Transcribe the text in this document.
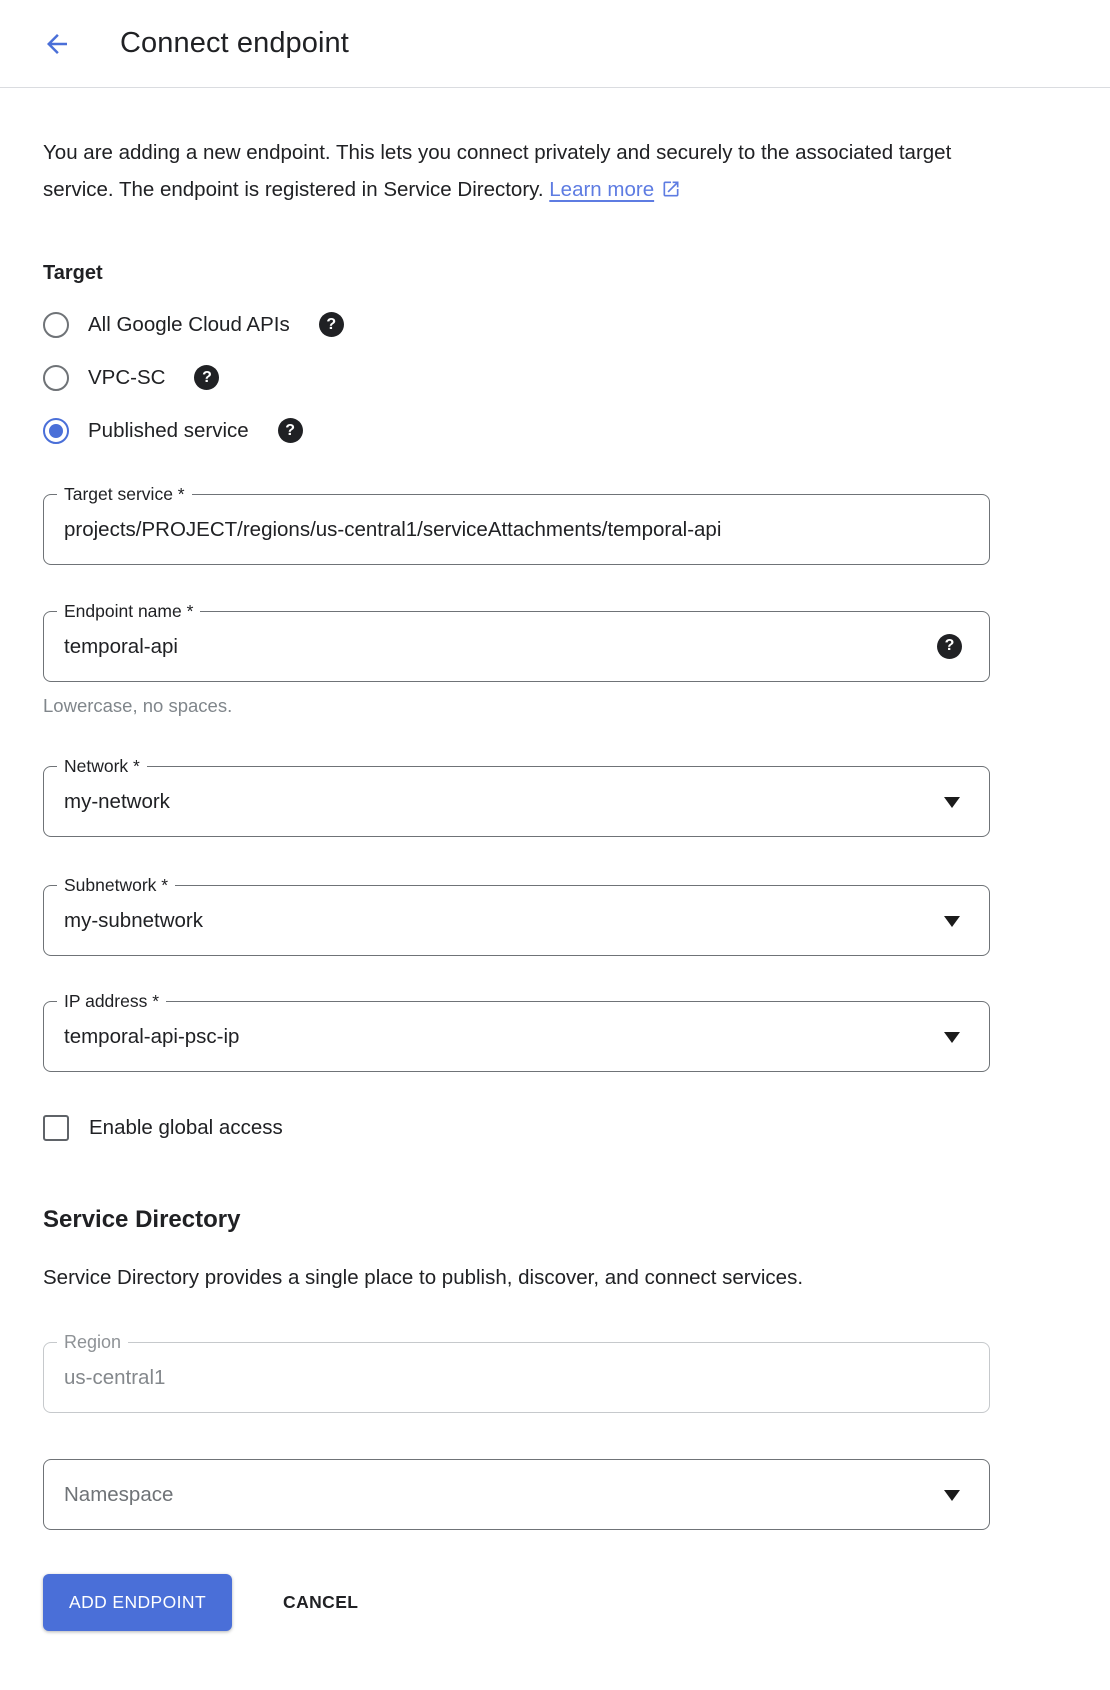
Connect endpoint

You are adding a new endpoint. This lets you connect privately and securely to the associated target service. The endpoint is registered in Service Directory. Learn more

Target
All Google Cloud APIs
?
VPC-SC
?
Published service
?
Target service *
projects/PROJECT/regions/us-central1/serviceAttachments/temporal-api
Endpoint name *
temporal-api
?
Lowercase, no spaces.
Network *
my-network
Subnetwork *
my-subnetwork
IP address *
temporal-api-psc-ip
Enable global access
Service Directory

Service Directory provides a single place to publish, discover, and connect services.

Region
us-central1
Namespace
ADD ENDPOINT	CANCEL
